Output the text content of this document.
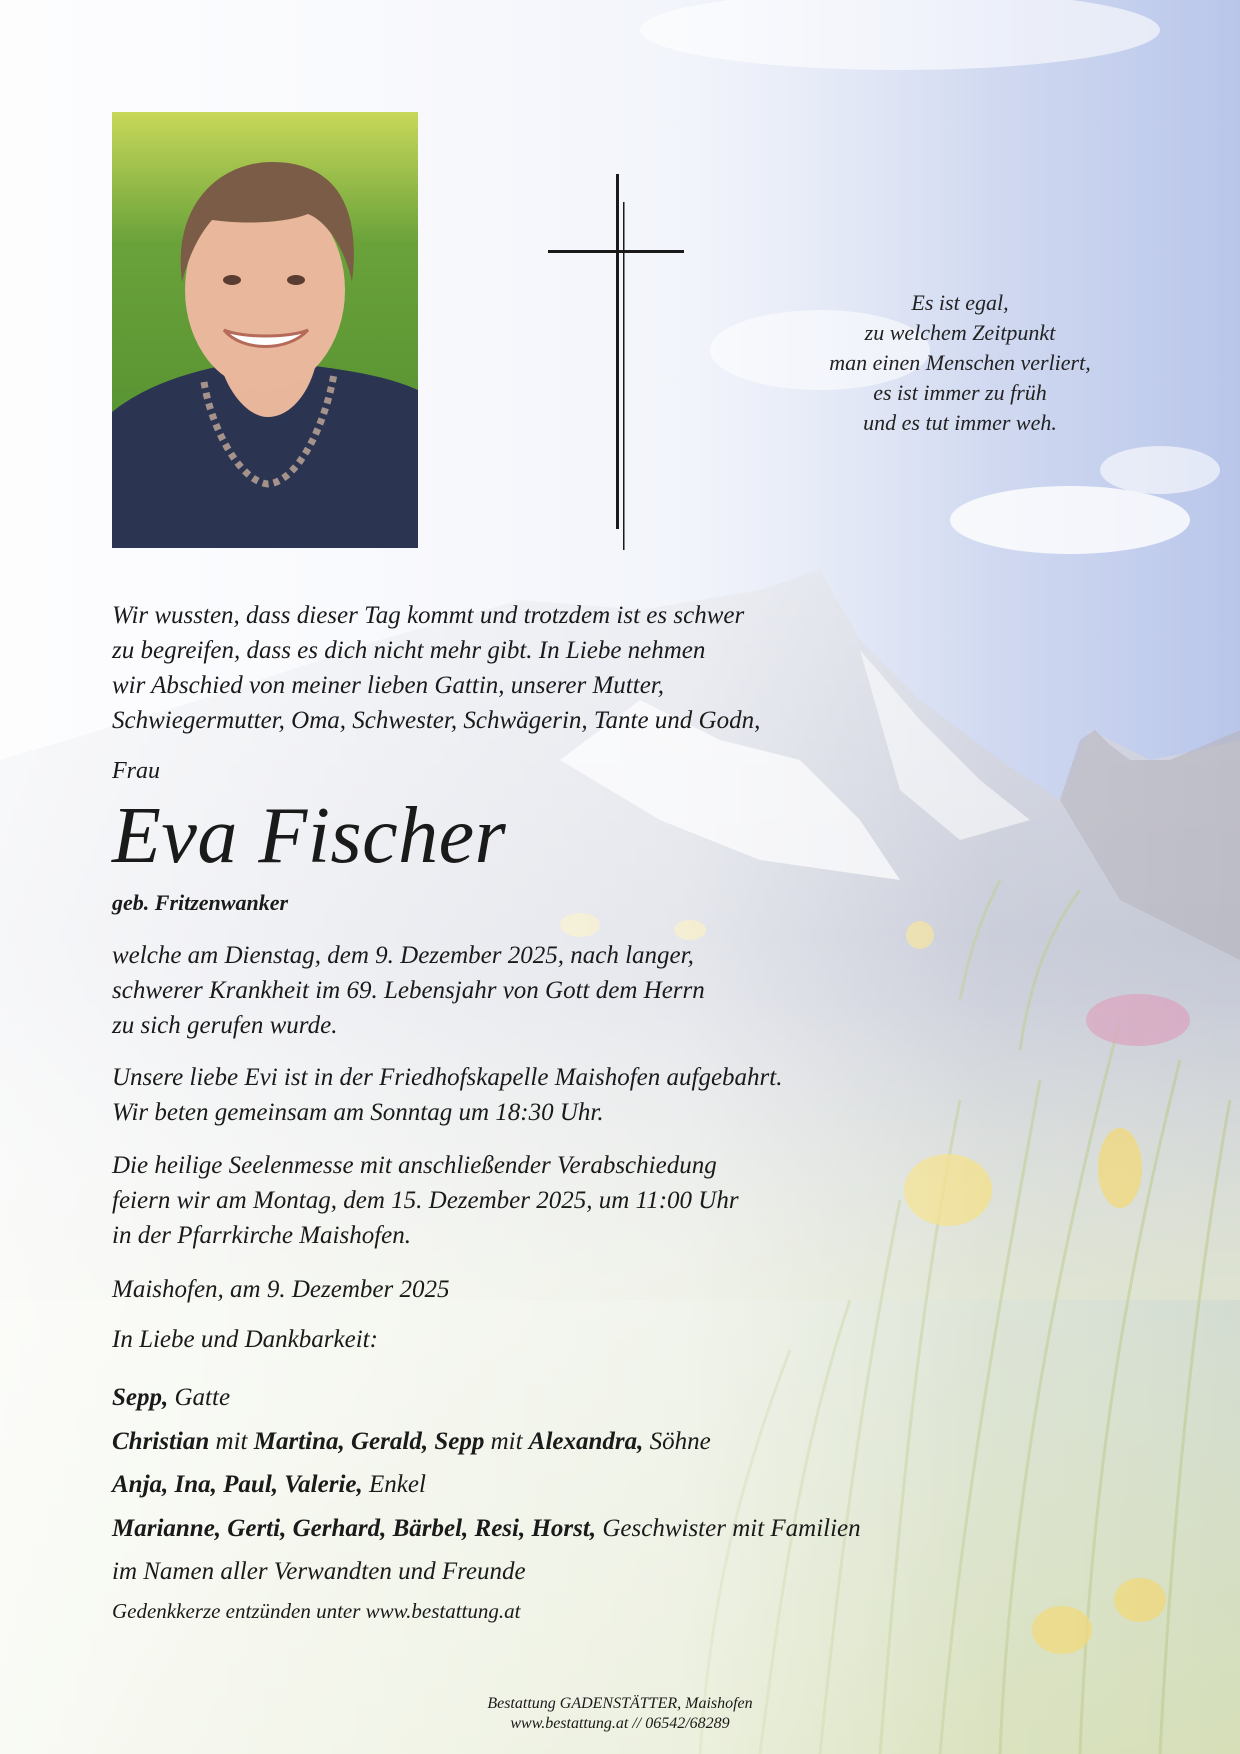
Es ist egal,
zu welchem Zeitpunkt
man einen Menschen verliert,
es ist immer zu früh
und es tut immer weh.
Wir wussten, dass dieser Tag kommt und trotzdem ist es schwer
zu begreifen, dass es dich nicht mehr gibt. In Liebe nehmen
wir Abschied von meiner lieben Gattin, unserer Mutter,
Schwiegermutter, Oma, Schwester, Schwägerin, Tante und Godn,
Frau
Eva Fischer
geb. Fritzenwanker
welche am Dienstag, dem 9. Dezember 2025, nach langer,
schwerer Krankheit im 69. Lebensjahr von Gott dem Herrn
zu sich gerufen wurde.
Unsere liebe Evi ist in der Friedhofskapelle Maishofen aufgebahrt.
Wir beten gemeinsam am Sonntag um 18:30 Uhr.
Die heilige Seelenmesse mit anschließender Verabschiedung
feiern wir am Montag, dem 15. Dezember 2025, um 11:00 Uhr
in der Pfarrkirche Maishofen.
Maishofen, am 9. Dezember 2025
In Liebe und Dankbarkeit:
Sepp, Gatte
Christian mit Martina, Gerald, Sepp mit Alexandra, Söhne
Anja, Ina, Paul, Valerie, Enkel
Marianne, Gerti, Gerhard, Bärbel, Resi, Horst, Geschwister mit Familien
im Namen aller Verwandten und Freunde
Gedenkkerze entzünden unter www.bestattung.at
Bestattung GADENSTÄTTER, Maishofen
www.bestattung.at // 06542/68289
